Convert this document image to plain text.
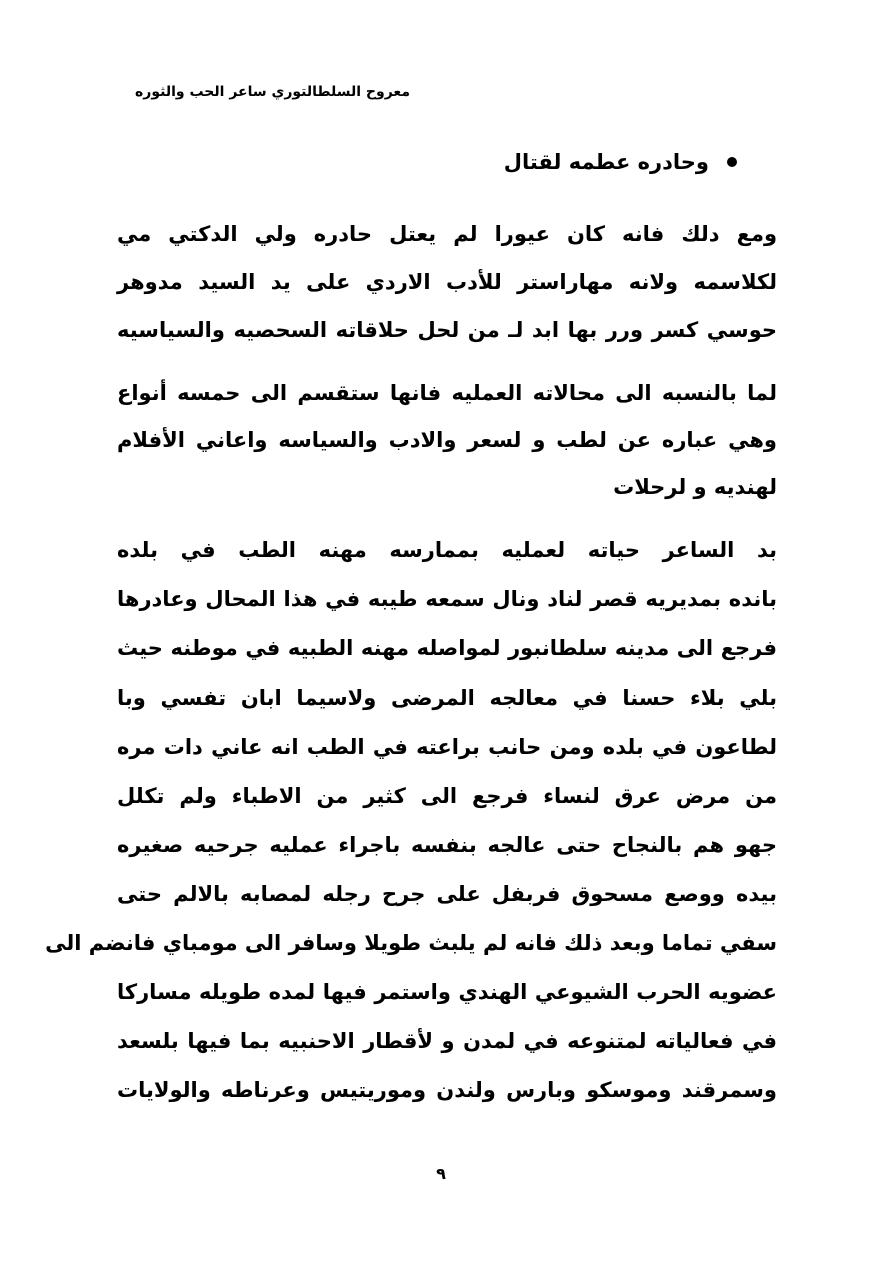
معروح السلطالتوري ساعر الحب والثوره
وحادره عطمه لقتال
ومع دلك فانه كان عيورا لم يعتل حادره ولي الدكتي مي
لكلاسمه ولانه مهاراستر للأدب الاردي على يد السيد مدوهر
حوسي كسر ورر بها ابد لـ من لحل حلاقاته السحصيه والسياسيه
لما بالنسبه الى محالاته العمليه فانها ستقسم الى حمسه أنواع
وهي عباره عن لطب و لسعر والادب والسياسه واعاني الأفلام
لهنديه و لرحلات
بد الساعر حياته لعمليه بممارسه مهنه الطب في بلده
بانده بمديريه قصر لناد ونال سمعه طيبه في هذا المحال وعادرها
فرجع الى مدينه سلطانبور لمواصله مهنه الطبيه في موطنه حيث
بلي بلاء حسنا في معالجه المرضى ولاسيما ابان تفسي وبا
لطاعون في بلده ومن حانب براعته في الطب انه عاني دات مره
من مرض عرق لنساء فرجع الى كثير من الاطباء ولم تكلل
جهو هم بالنجاح حتى عالجه بنفسه باجراء عمليه جرحيه صغيره
بيده ووصع مسحوق فربفل على جرح رجله لمصابه بالالم حتى
سفي تماما وبعد ذلك فانه لم يلبث طويلا وسافر الى مومباي فانضم الى
عضويه الحرب الشيوعي الهندي واستمر فيها لمده طويله مساركا
في فعالياته لمتنوعه في لمدن و لأقطار الاحنبيه بما فيها بلسعد
وسمرقند وموسكو وبارس ولندن وموريتيس وعرناطه والولايات
٩
